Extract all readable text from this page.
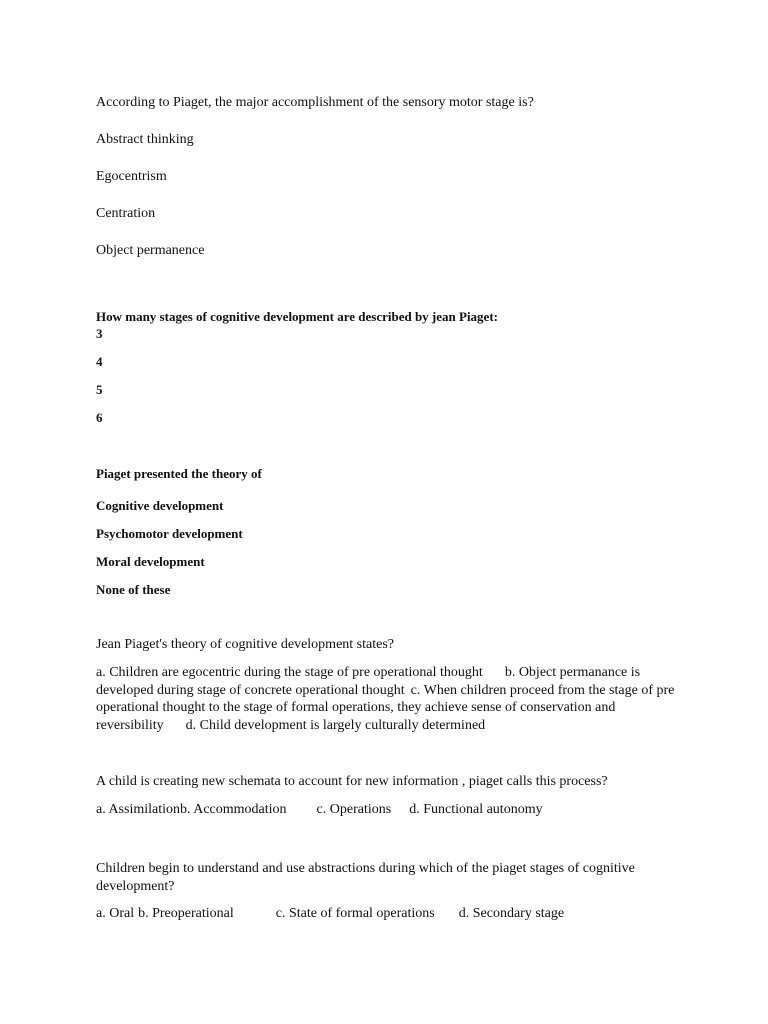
According to Piaget, the major accomplishment of the sensory motor stage is?

Abstract thinking

Egocentrism

Centration

Object permanence

How many stages of cognitive development are described by jean Piaget:

3

4

5

6

Piaget presented the theory of

Cognitive development

Psychomotor development

Moral development

None of these

Jean Piaget's theory of cognitive development states?

a. Children are egocentric during the stage of pre operational thought b. Object permanance is developed during stage of concrete operational thought c. When children proceed from the stage of pre operational thought to the stage of formal operations, they achieve sense of conservation and reversibility d. Child development is largely culturally determined

A child is creating new schemata to account for new information , piaget calls this process?

a. Assimilationb. Accommodation c. Operations d. Functional autonomy

Children begin to understand and use abstractions during which of the piaget stages of cognitive development?

a. Oral b. Preoperational	c. State of formal operations d. Secondary stage
